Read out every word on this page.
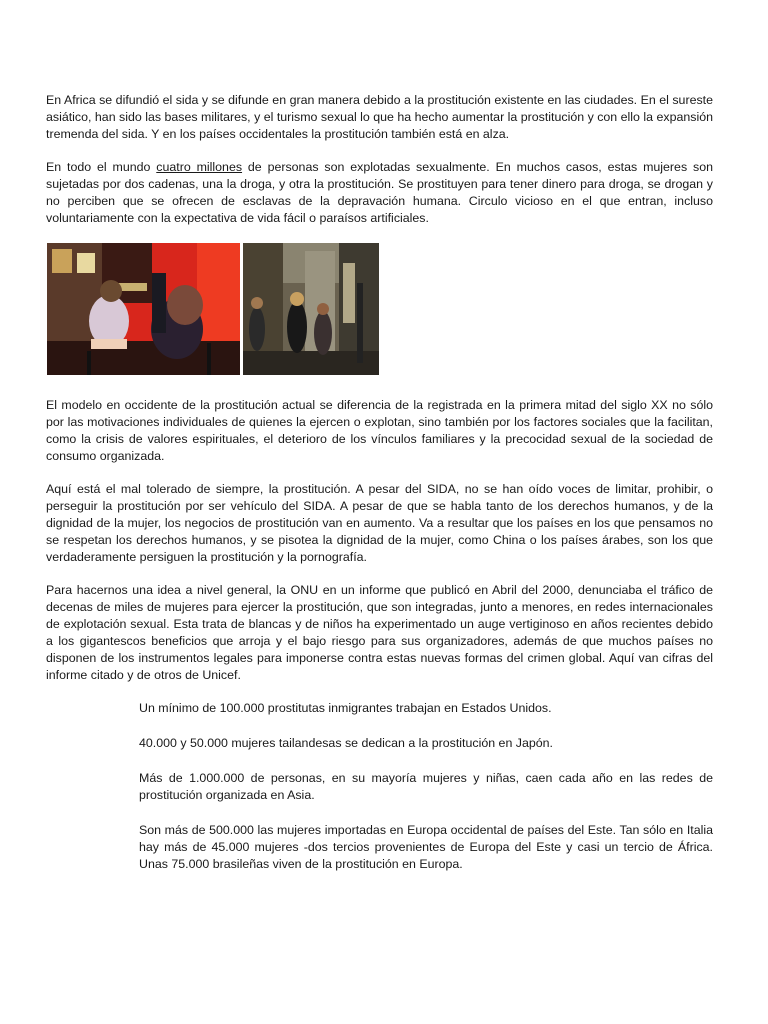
En Africa se difundió el sida y se difunde en gran manera debido a la prostitución existente en las ciudades. En el sureste asiático, han sido las bases militares, y el turismo sexual lo que ha hecho aumentar la prostitución y con ello la expansión tremenda del sida. Y en los países occidentales la prostitución también está en alza.

En todo el mundo cuatro millones de personas son explotadas sexualmente. En muchos casos, estas mujeres son sujetadas por dos cadenas, una la droga, y otra la prostitución. Se prostituyen para tener dinero para droga, se drogan y no perciben que se ofrecen de esclavas de la depravación humana. Circulo vicioso en el que entran, incluso voluntariamente con la expectativa de vida fácil o paraísos artificiales.

El modelo en occidente de la prostitución actual se diferencia de la registrada en la primera mitad del siglo XX no sólo por las motivaciones individuales de quienes la ejercen o explotan, sino también por los factores sociales que la facilitan, como la crisis de valores espirituales, el deterioro de los vínculos familiares y la precocidad sexual de la sociedad de consumo organizada.

Aquí está el mal tolerado de siempre, la prostitución. A pesar del SIDA, no se han oído voces de limitar, prohibir, o perseguir la prostitución por ser vehículo del SIDA. A pesar de que se habla tanto de los derechos humanos, y de la dignidad de la mujer, los negocios de prostitución van en aumento. Va a resultar que los países en los que pensamos no se respetan los derechos humanos, y se pisotea la dignidad de la mujer, como China o los países árabes, son los que verdaderamente persiguen la prostitución y la pornografía.

Para hacernos una idea a nivel general, la ONU en un informe que publicó en Abril del 2000, denunciaba el tráfico de decenas de miles de mujeres para ejercer la prostitución, que son integradas, junto a menores, en redes internacionales de explotación sexual. Esta trata de blancas y de niños ha experimentado un auge vertiginoso en años recientes debido a los gigantescos beneficios que arroja y el bajo riesgo para sus organizadores, además de que muchos países no disponen de los instrumentos legales para imponerse contra estas nuevas formas del crimen global. Aquí van cifras del informe citado y de otros de Unicef.

Un mínimo de 100.000 prostitutas inmigrantes trabajan en Estados Unidos.

40.000 y 50.000 mujeres tailandesas se dedican a la prostitución en Japón.

Más de 1.000.000 de personas, en su mayoría mujeres y niñas, caen cada año en las redes de prostitución organizada en Asia.

Son más de 500.000 las mujeres importadas en Europa occidental de países del Este. Tan sólo en Italia hay más de 45.000 mujeres -dos tercios provenientes de Europa del Este y casi un tercio de África. Unas 75.000 brasileñas viven de la prostitución en Europa.
